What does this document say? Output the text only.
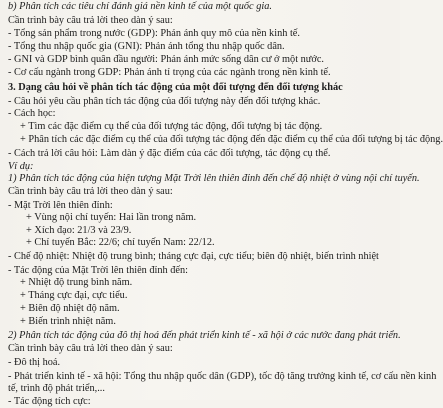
b) Phân tích các tiêu chí đánh giá nền kinh tế của một quốc gia.
Cần trình bày câu trả lời theo dàn ý sau:
- Tổng sản phẩm trong nước (GDP): Phản ánh quy mô của nền kinh tế.
- Tổng thu nhập quốc gia (GNI): Phản ánh tổng thu nhập quốc dân.
- GNI và GDP bình quân đầu người: Phản ánh mức sống dân cư ở một nước.
- Cơ cấu ngành trong GDP: Phản ánh tỉ trọng của các ngành trong nền kinh tế.
3. Dạng câu hỏi về phân tích tác động của một đối tượng đến đối tượng khác
- Câu hỏi yêu cầu phân tích tác động của đối tượng này đến đối tượng khác.
- Cách học:
+ Tìm các đặc điểm cụ thể của đối tượng tác động, đối tượng bị tác động.
+ Phân tích các đặc điểm cụ thể của đối tượng tác động đến đặc điểm cụ thể của đối tượng bị tác động.
- Cách trả lời câu hỏi: Làm dàn ý đặc điểm của các đối tượng, tác động cụ thể.
Ví dụ:
1) Phân tích tác động của hiện tượng Mặt Trời lên thiên đỉnh đến chế độ nhiệt ở vùng nội chí tuyến.
Cần trình bày câu trả lời theo dàn ý sau:
- Mặt Trời lên thiên đỉnh:
+ Vùng nội chí tuyến: Hai lần trong năm.
+ Xích đạo: 21/3 và 23/9.
+ Chí tuyến Bắc: 22/6; chí tuyến Nam: 22/12.
- Chế độ nhiệt: Nhiệt độ trung bình; tháng cực đại, cực tiểu; biên độ nhiệt, biến trình nhiệt
- Tác động của Mặt Trời lên thiên đỉnh đến:
+ Nhiệt độ trung bình năm.
+ Tháng cực đại, cực tiểu.
+ Biên độ nhiệt độ năm.
+ Biến trình nhiệt năm.
2) Phân tích tác động của đô thị hoá đến phát triển kinh tế - xã hội ở các nước đang phát triển.
Cần trình bày câu trả lời theo dàn ý sau:
- Đô thị hoá.
- Phát triển kinh tế - xã hội: Tổng thu nhập quốc dân (GDP), tốc độ tăng trưởng kinh tế, cơ cấu nền kinh
tế, trình độ phát triển,...
- Tác động tích cực:
